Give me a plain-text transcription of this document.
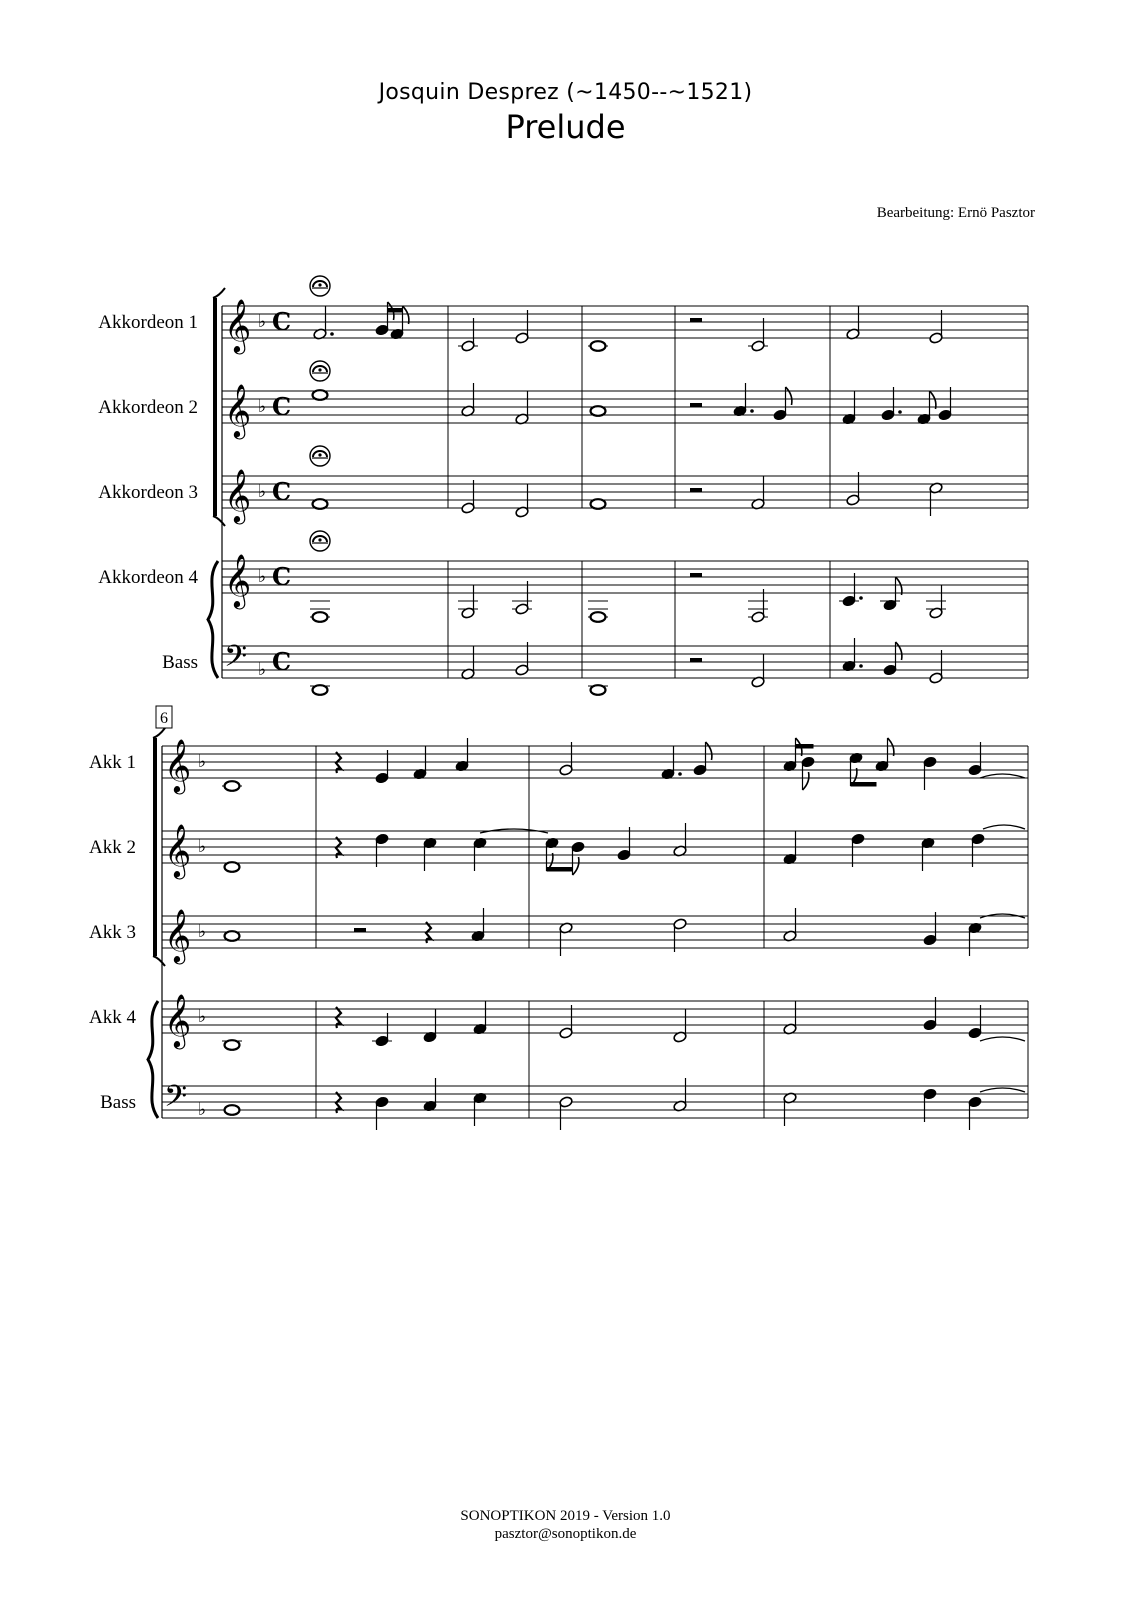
Josquin Desprez (~1450--~1521)
Prelude
Bearbeitung: Ernö Pasztor
Akkordeon 1 𝄞 ♭ C
Akkordeon 2 𝄞 ♭ C
Akkordeon 3 𝄞 ♭ C
Akkordeon 4 𝄞 ♭ C
Bass 𝄢 ♭ C
Akk 1 𝄞 ♭
Akk 2 𝄞 ♭
Akk 3 𝄞 ♭
Akk 4 𝄞 ♭
Bass 𝄢 ♭
6
SONOPTIKON 2019 - Version 1.0
pasztor@sonoptikon.de
